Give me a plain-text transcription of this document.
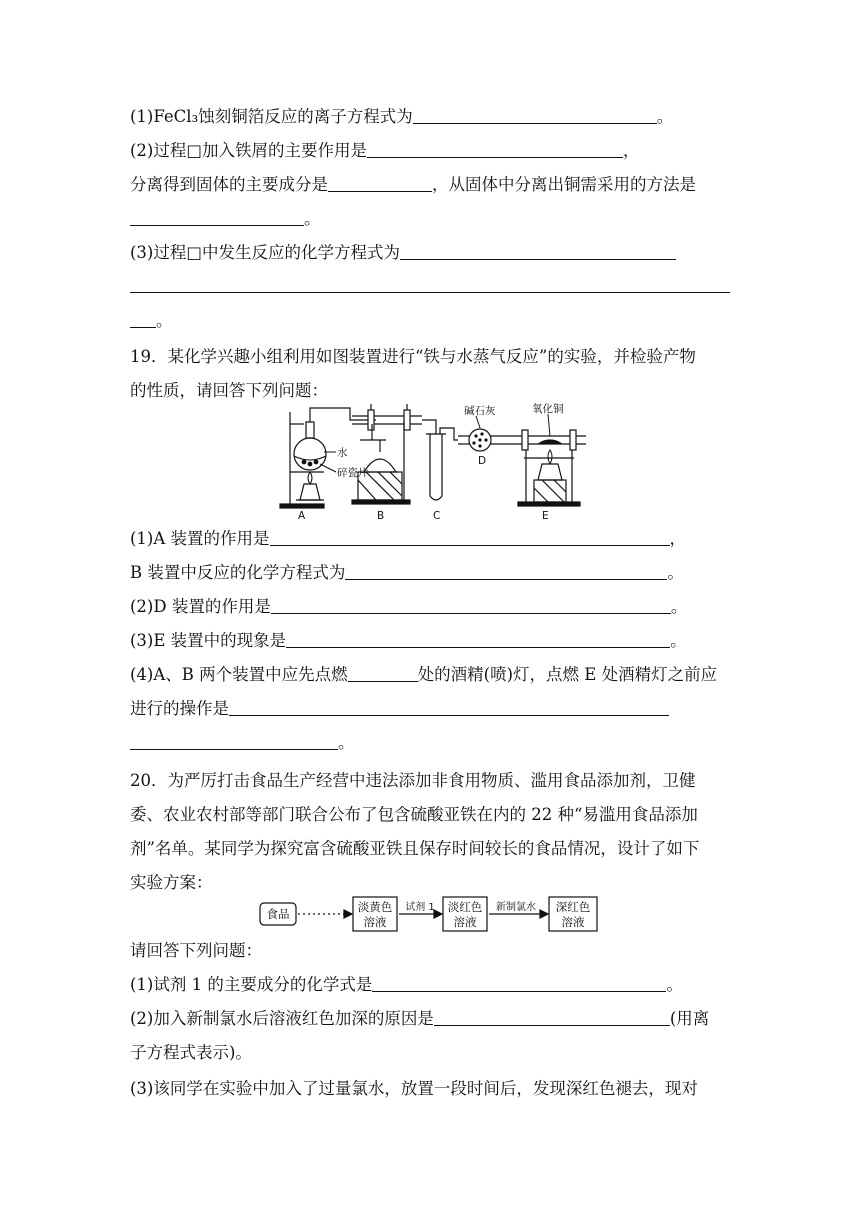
(1)FeCl₃蚀刻铜箔反应的离子方程式为	。
(2)过程□加入铁屑的主要作用是	，
分离得到固体的主要成分是	，从固体中分离出铜需采用的方法是
。
(3)过程□中发生反应的化学方程式为
。
19．某化学兴趣小组利用如图装置进行“铁与水蒸气反应”的实验，并检验产物
的性质，请回答下列问题：
水
碎瓷片
碱石灰	氧化铜
A	B	C
D
E
(1)A 装置的作用是	，
B 装置中反应的化学方程式为	。
(2)D 装置的作用是	。
(3)E 装置中的现象是	。
(4)A、B 两个装置中应先点燃	处的酒精(喷)灯，点燃 E 处酒精灯之前应
进行的操作是
。
20．为严厉打击食品生产经营中违法添加非食用物质、滥用食品添加剂，卫健
委、农业农村部等部门联合公布了包含硫酸亚铁在内的 22 种“易滥用食品添加
剂”名单。某同学为探究富含硫酸亚铁且保存时间较长的食品情况，设计了如下
实验方案：
食品	淡黄色
溶液
试剂 1 淡红色
溶液
新制氯水 深红色
溶液
请回答下列问题：
(1)试剂 1 的主要成分的化学式是	。
(2)加入新制氯水后溶液红色加深的原因是	(用离
子方程式表示)。
(3)该同学在实验中加入了过量氯水，放置一段时间后，发现深红色褪去，现对
